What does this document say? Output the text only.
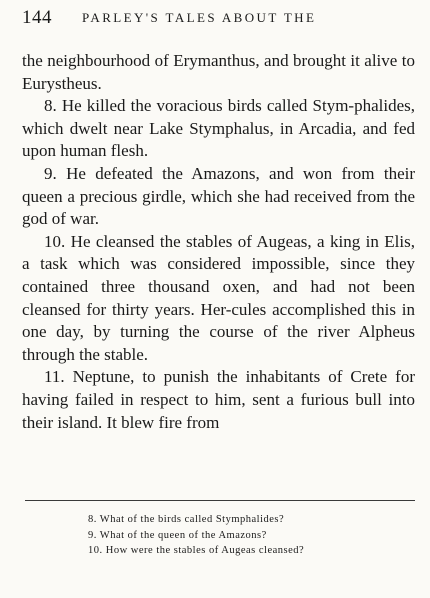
144 PARLEY'S TALES ABOUT THE

the neighbourhood of Erymanthus, and brought it alive to Eurystheus.

8. He killed the voracious birds called Stym-phalides, which dwelt near Lake Stymphalus, in Arcadia, and fed upon human flesh.

9. He defeated the Amazons, and won from their queen a precious girdle, which she had received from the god of war.

10. He cleansed the stables of Augeas, a king in Elis, a task which was considered impossible, since they contained three thousand oxen, and had not been cleansed for thirty years. Her-cules accomplished this in one day, by turning the course of the river Alpheus through the stable.

11. Neptune, to punish the inhabitants of Crete for having failed in respect to him, sent a furious bull into their island. It blew fire from

8. What of the birds called Stymphalides?
9. What of the queen of the Amazons?
10. How were the stables of Augeas cleansed?
